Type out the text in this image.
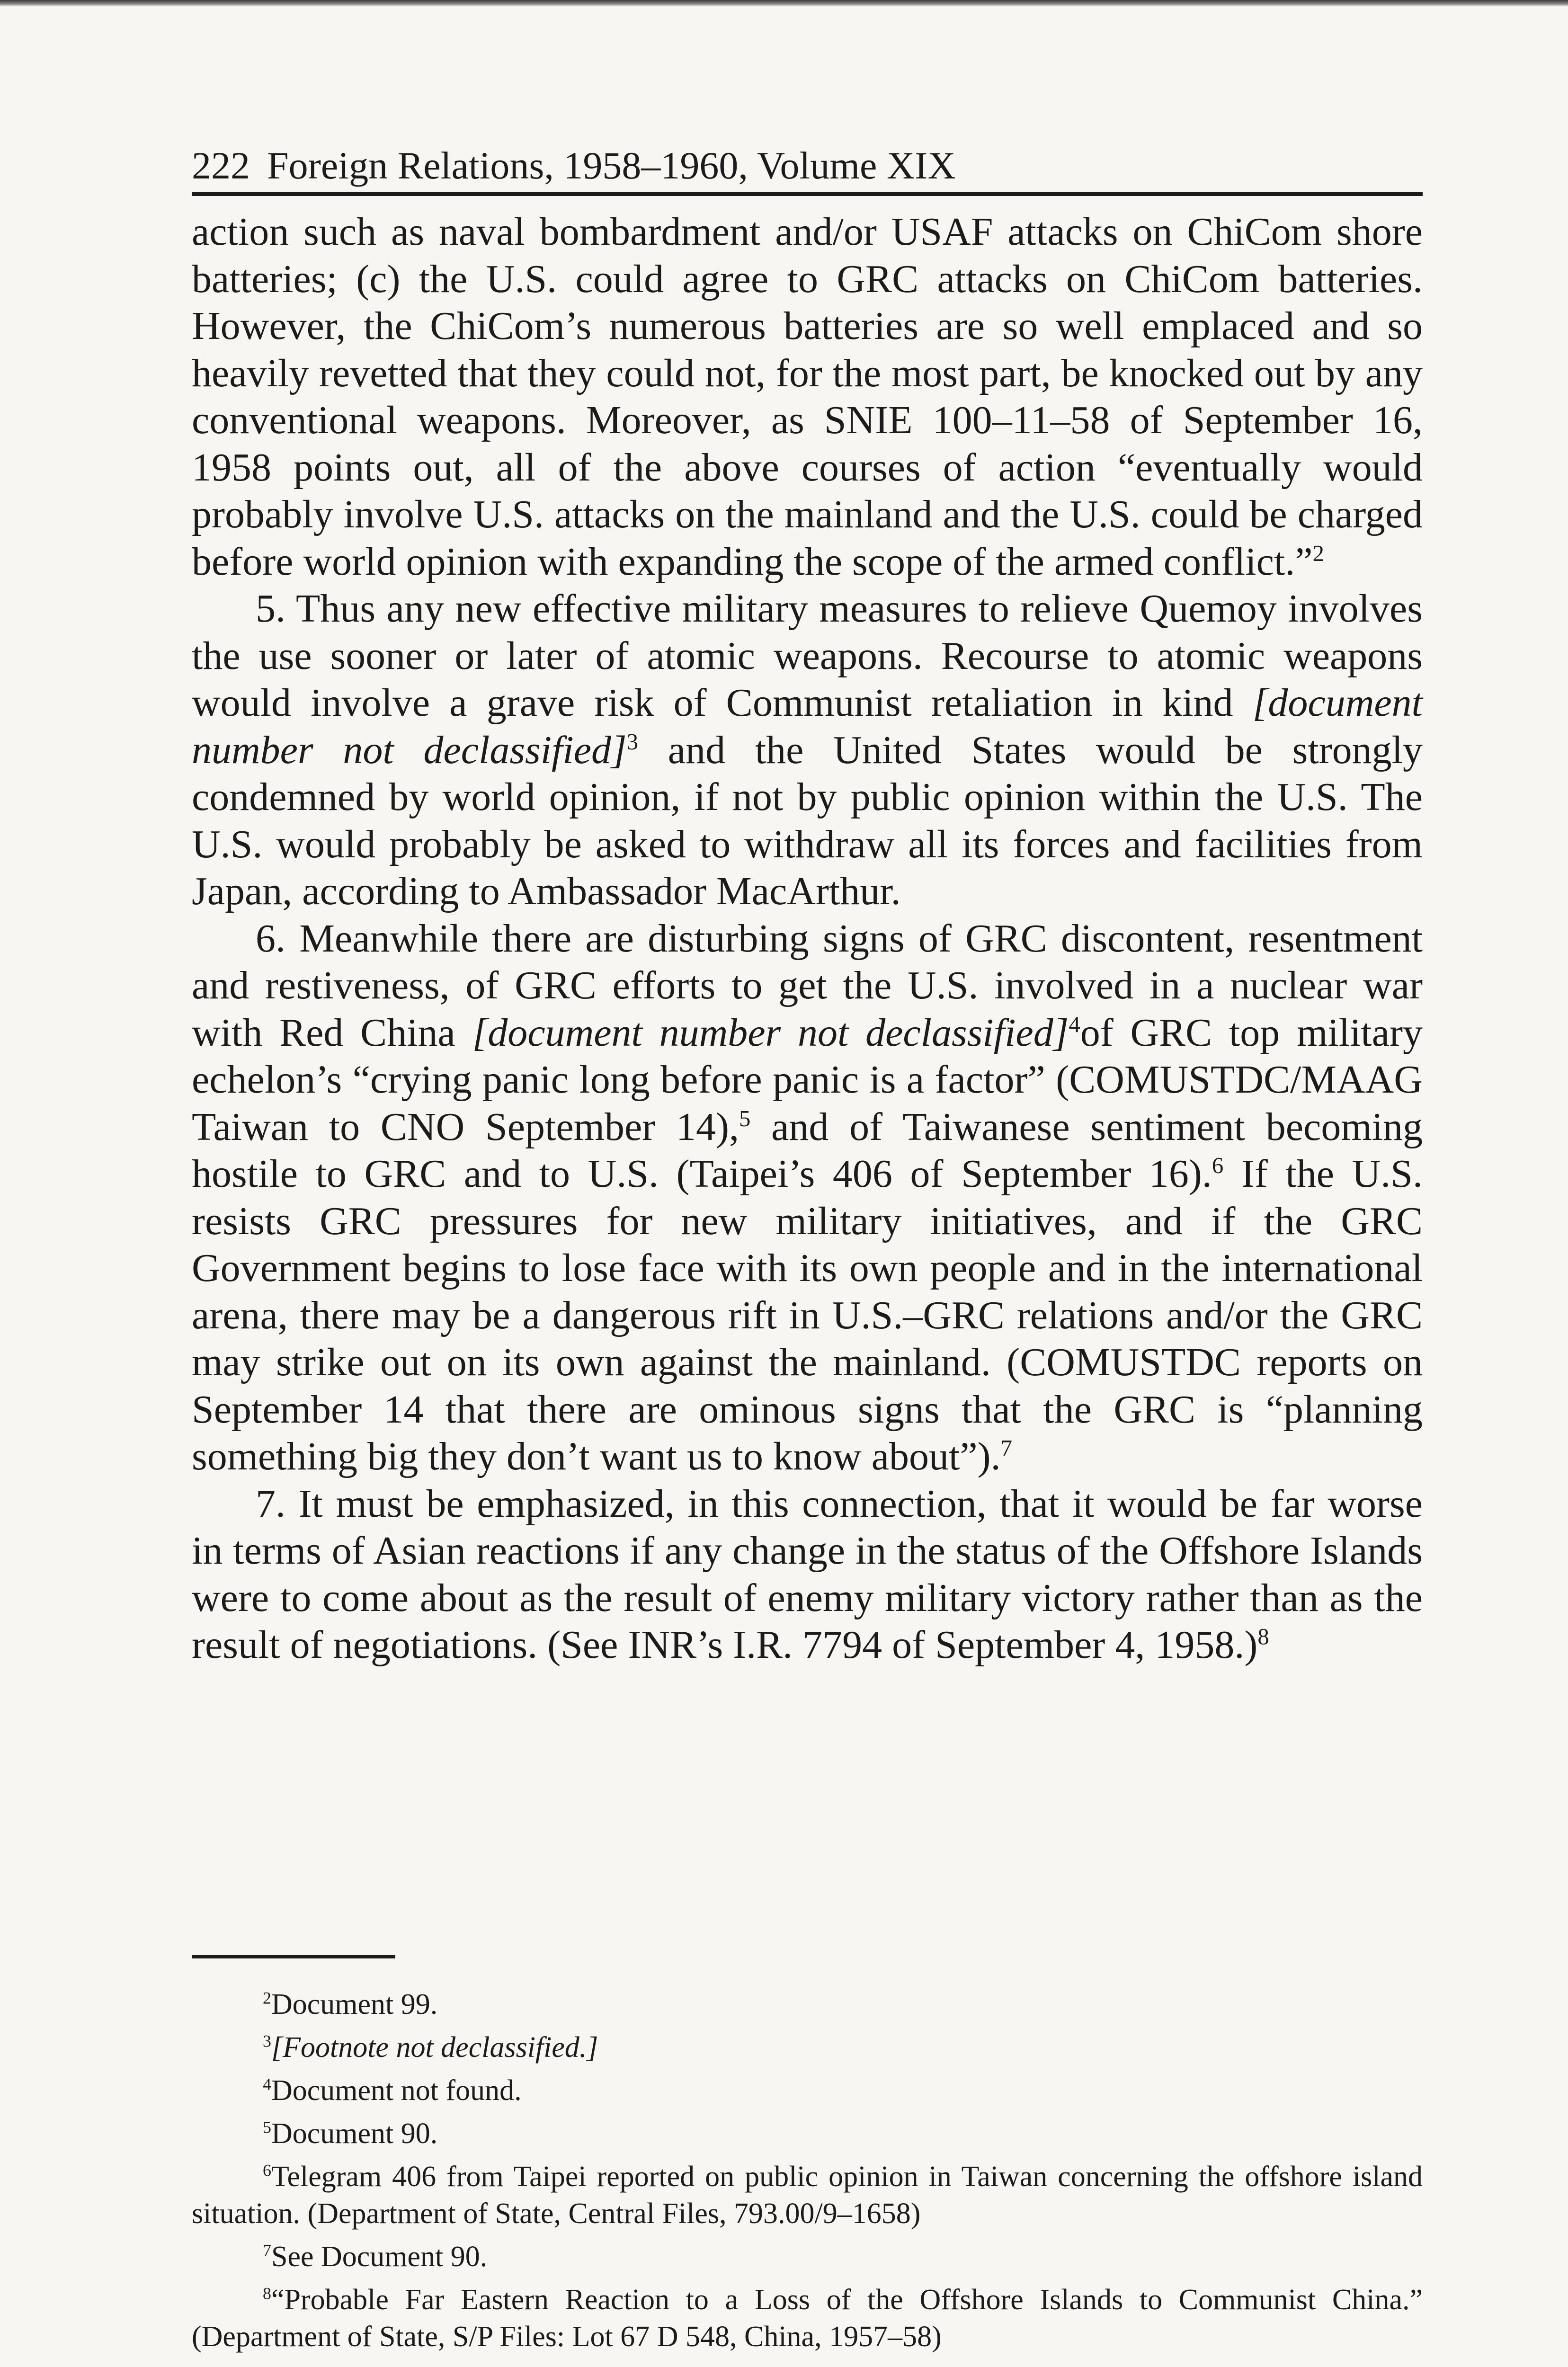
222 Foreign Relations, 1958–1960, Volume XIX

action such as naval bombardment and/or USAF attacks on ChiCom shore batteries; (c) the U.S. could agree to GRC attacks on ChiCom batteries. However, the ChiCom’s numerous batteries are so well emplaced and so heavily revetted that they could not, for the most part, be knocked out by any conventional weapons. Moreover, as SNIE 100–11–58 of September 16, 1958 points out, all of the above courses of action “eventually would probably involve U.S. attacks on the mainland and the U.S. could be charged before world opinion with expanding the scope of the armed conflict.”$^2$

5. Thus any new effective military measures to relieve Quemoy involves the use sooner or later of atomic weapons. Recourse to atomic weapons would involve a grave risk of Communist retaliation in kind [document number not declassified]$^3$ and the United States would be strongly condemned by world opinion, if not by public opinion within the U.S. The U.S. would probably be asked to withdraw all its forces and facilities from Japan, according to Ambassador MacArthur.

6. Meanwhile there are disturbing signs of GRC discontent, resentment and restiveness, of GRC efforts to get the U.S. involved in a nuclear war with Red China [document number not declassified]$^4$of GRC top military echelon’s “crying panic long before panic is a factor” (COMUSTDC/MAAG Taiwan to CNO September 14),$^5$ and of Taiwanese sentiment becoming hostile to GRC and to U.S. (Taipei’s 406 of September 16).$^6$ If the U.S. resists GRC pressures for new military initiatives, and if the GRC Government begins to lose face with its own people and in the international arena, there may be a dangerous rift in U.S.–GRC relations and/or the GRC may strike out on its own against the mainland. (COMUSTDC reports on September 14 that there are ominous signs that the GRC is “planning something big they don’t want us to know about”).$^7$

7. It must be emphasized, in this connection, that it would be far worse in terms of Asian reactions if any change in the status of the Offshore Islands were to come about as the result of enemy military victory rather than as the result of negotiations. (See INR’s I.R. 7794 of September 4, 1958.)$^8$

$^2$Document 99.

$^3$[Footnote not declassified.]

$^4$Document not found.

$^5$Document 90.

$^6$Telegram 406 from Taipei reported on public opinion in Taiwan concerning the offshore island situation. (Department of State, Central Files, 793.00/9–1658)

$^7$See Document 90.

$^8$“Probable Far Eastern Reaction to a Loss of the Offshore Islands to Communist China.” (Department of State, S/P Files: Lot 67 D 548, China, 1957–58)
